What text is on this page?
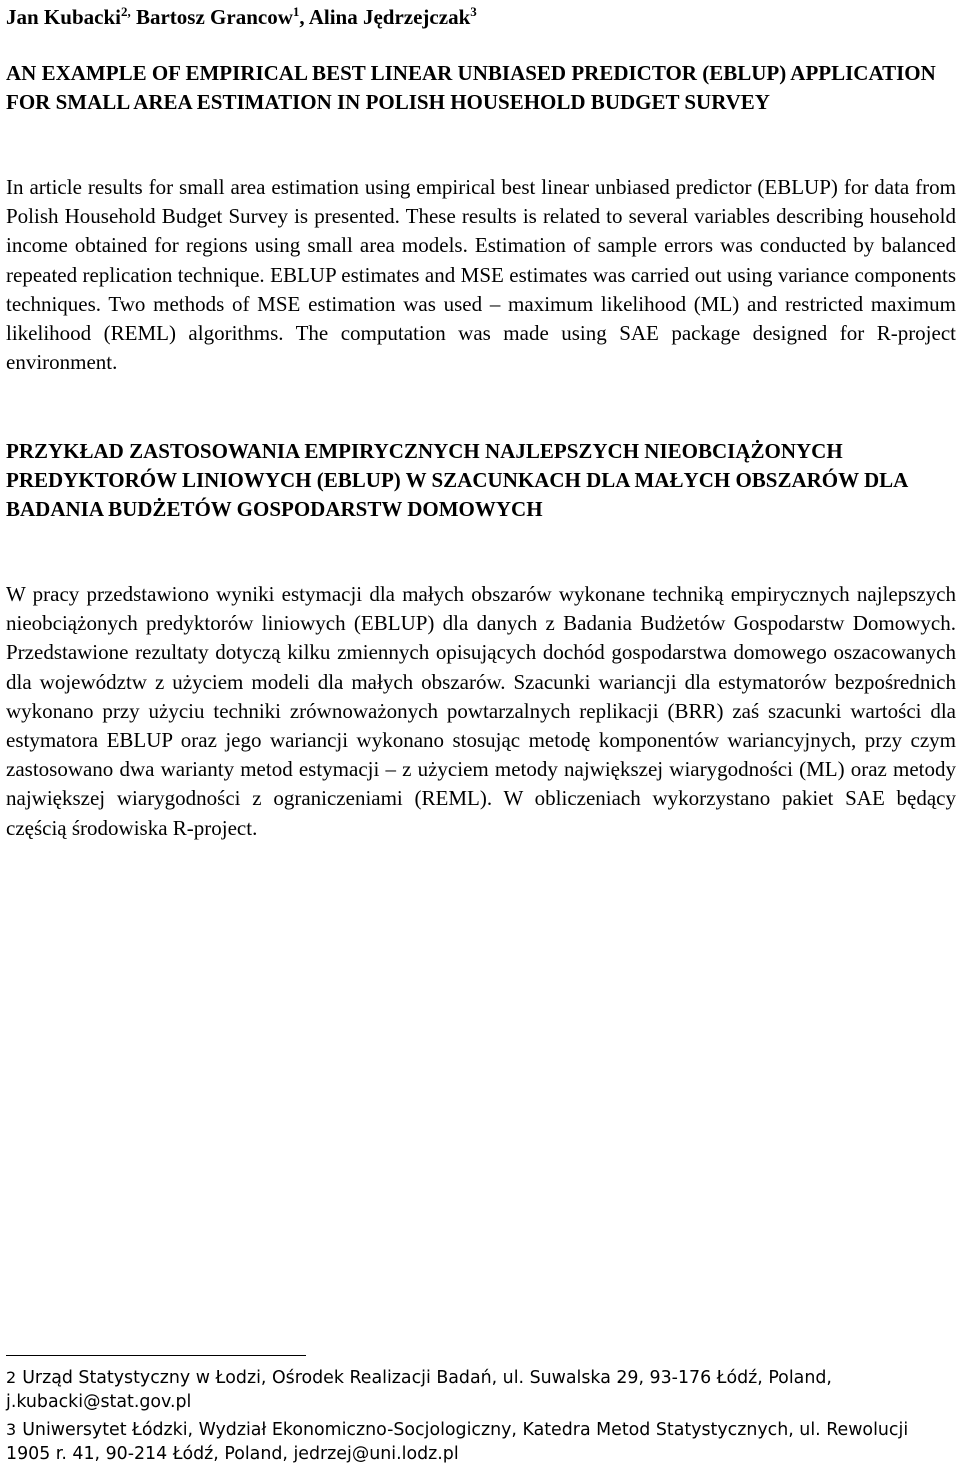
Jan Kubacki$^{2,}$ Bartosz Grancow$^1$, Alina Jędrzejczak$^3$
AN EXAMPLE OF EMPIRICAL BEST LINEAR UNBIASED PREDICTOR (EBLUP) APPLICATION FOR SMALL AREA ESTIMATION IN POLISH HOUSEHOLD BUDGET SURVEY
In article results for small area estimation using empirical best linear unbiased predictor (EBLUP) for data from Polish Household Budget Survey is presented. These results is related to several variables describing household income obtained for regions using small area models. Estimation of sample errors was conducted by balanced repeated replication technique. EBLUP estimates and MSE estimates was carried out using variance components techniques. Two methods of MSE estimation was used – maximum likelihood (ML) and restricted maximum likelihood (REML) algorithms. The computation was made using SAE package designed for R-project environment.
PRZYKŁAD ZASTOSOWANIA EMPIRYCZNYCH NAJLEPSZYCH NIEOBCIĄŻONYCH PREDYKTORÓW LINIOWYCH (EBLUP) W SZACUNKACH DLA MAŁYCH OBSZARÓW DLA BADANIA BUDŻETÓW GOSPODARSTW DOMOWYCH
W pracy przedstawiono wyniki estymacji dla małych obszarów wykonane techniką empirycznych najlepszych nieobciążonych predyktorów liniowych (EBLUP) dla danych z Badania Budżetów Gospodarstw Domowych. Przedstawione rezultaty dotyczą kilku zmiennych opisujących dochód gospodarstwa domowego oszacowanych dla województw z użyciem modeli dla małych obszarów. Szacunki wariancji dla estymatorów bezpośrednich wykonano przy użyciu techniki zrównoważonych powtarzalnych replikacji (BRR) zaś szacunki wartości dla estymatora EBLUP oraz jego wariancji wykonano stosując metodę komponentów wariancyjnych, przy czym zastosowano dwa warianty metod estymacji – z użyciem metody największej wiarygodności (ML) oraz metody największej wiarygodności z ograniczeniami (REML). W obliczeniach wykorzystano pakiet SAE będący częścią środowiska R-project.
2 Urząd Statystyczny w Łodzi, Ośrodek Realizacji Badań, ul. Suwalska 29, 93-176 Łódź, Poland, j.kubacki@stat.gov.pl
3 Uniwersytet Łódzki, Wydział Ekonomiczno-Socjologiczny, Katedra Metod Statystycznych, ul. Rewolucji 1905 r. 41, 90-214 Łódź, Poland, jedrzej@uni.lodz.pl
